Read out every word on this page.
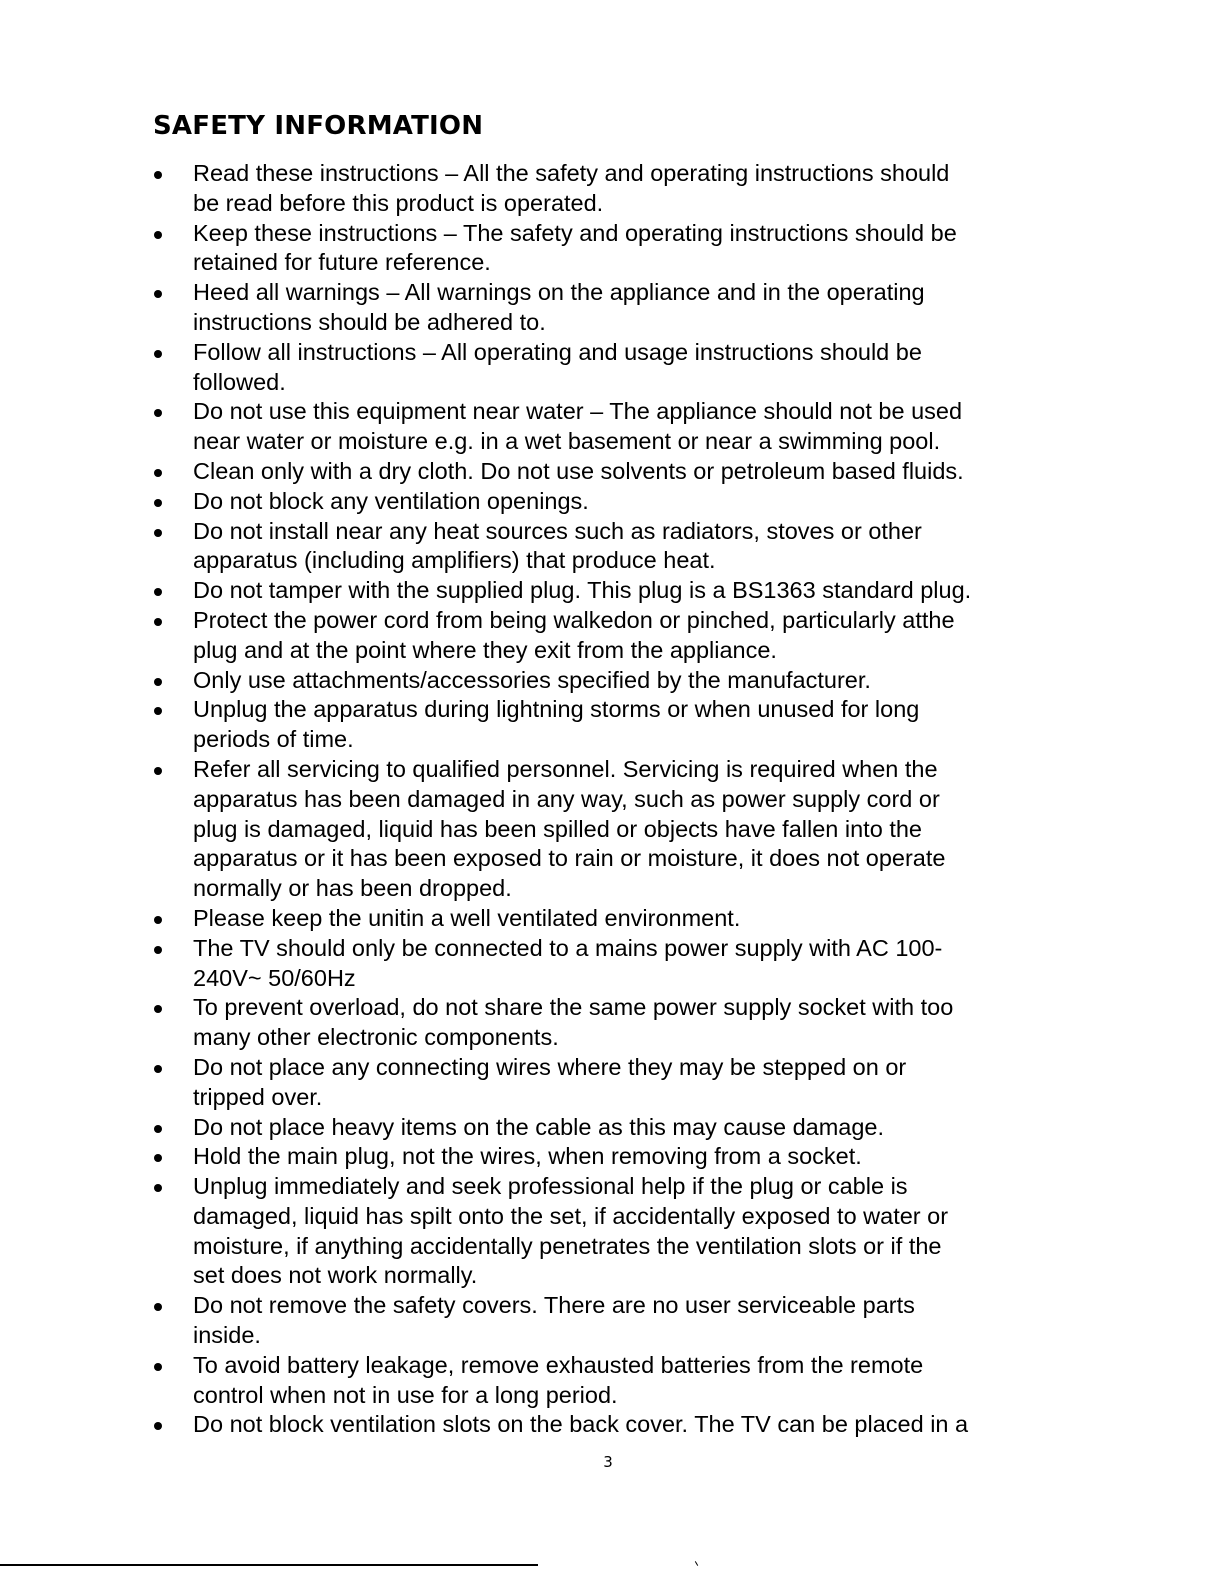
SAFETY INFORMATION
Read these instructions – All the safety and operating instructions should
be read before this product is operated.
Keep these instructions – The safety and operating instructions should be
retained for future reference.
Heed all warnings – All warnings on the appliance and in the operating
instructions should be adhered to.
Follow all instructions – All operating and usage instructions should be
followed.
Do not use this equipment near water – The appliance should not be used
near water or moisture e.g. in a wet basement or near a swimming pool.
Clean only with a dry cloth. Do not use solvents or petroleum based fluids.
Do not block any ventilation openings.
Do not install near any heat sources such as radiators, stoves or other
apparatus (including amplifiers) that produce heat.
Do not tamper with the supplied plug. This plug is a BS1363 standard plug.
Protect the power cord from being walkedon or pinched, particularly atthe
plug and at the point where they exit from the appliance.
Only use attachments/accessories specified by the manufacturer.
Unplug the apparatus during lightning storms or when unused for long
periods of time.
Refer all servicing to qualified personnel. Servicing is required when the
apparatus has been damaged in any way, such as power supply cord or
plug is damaged, liquid has been spilled or objects have fallen into the
apparatus or it has been exposed to rain or moisture, it does not operate
normally or has been dropped.
Please keep the unitin a well ventilated environment.
The TV should only be connected to a mains power supply with AC 100-
240V~ 50/60Hz
To prevent overload, do not share the same power supply socket with too
many other electronic components.
Do not place any connecting wires where they may be stepped on or
tripped over.
Do not place heavy items on the cable as this may cause damage.
Hold the main plug, not the wires, when removing from a socket.
Unplug immediately and seek professional help if the plug or cable is
damaged, liquid has spilt onto the set, if accidentally exposed to water or
moisture, if anything accidentally penetrates the ventilation slots or if the
set does not work normally.
Do not remove the safety covers. There are no user serviceable parts
inside.
To avoid battery leakage, remove exhausted batteries from the remote
control when not in use for a long period.
Do not block ventilation slots on the back cover. The TV can be placed in a
3
